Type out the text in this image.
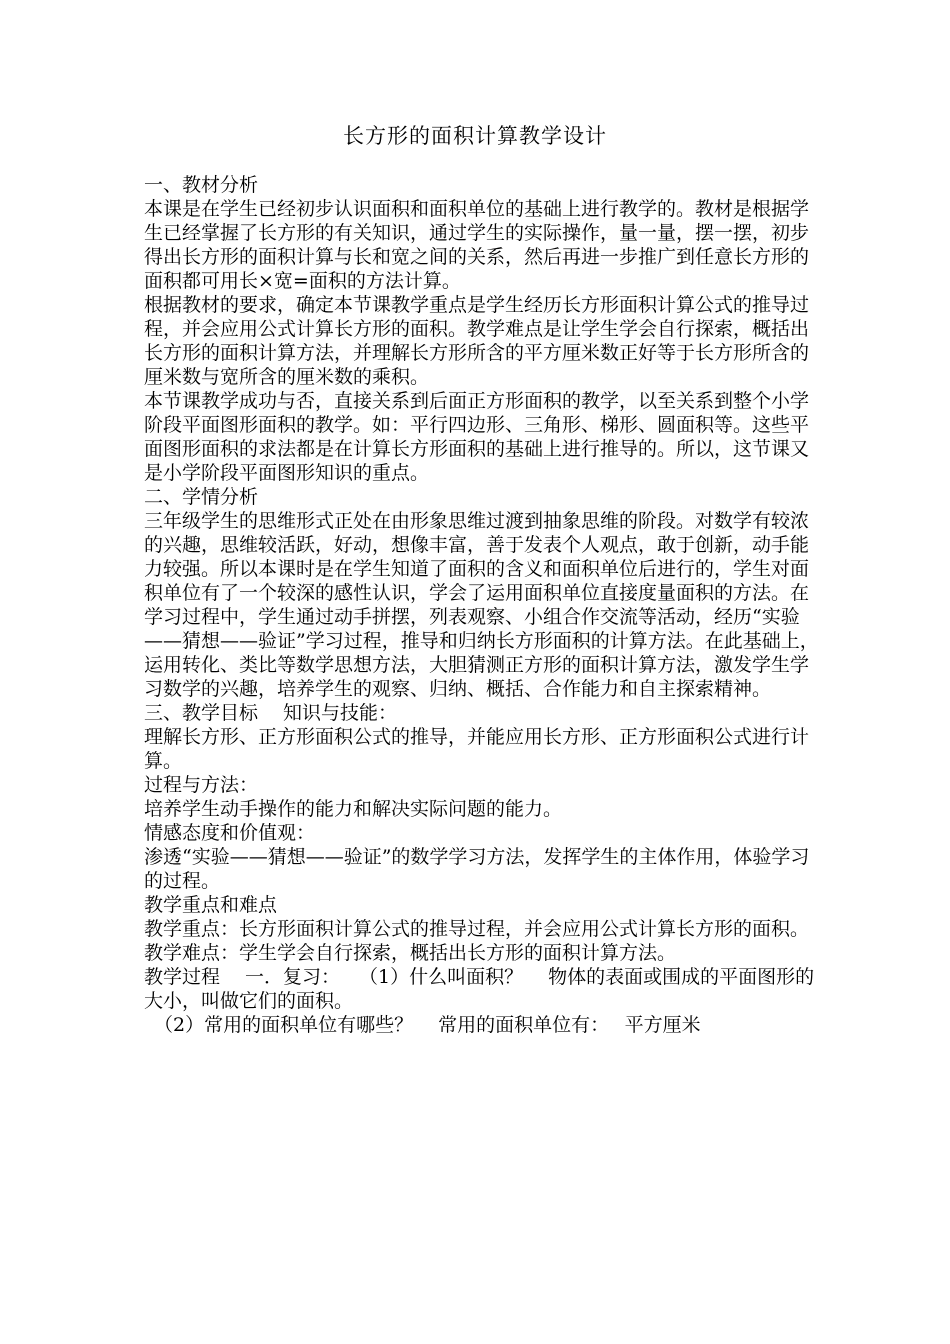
长方形的面积计算教学设计

一、教材分析

本课是在学生已经初步认识面积和面积单位的基础上进行教学的。教材是根据学生已经掌握了长方形的有关知识，通过学生的实际操作，量一量，摆一摆，初步得出长方形的面积计算与长和宽之间的关系，然后再进一步推广到任意长方形的面积都可用长×宽=面积的方法计算。

根据教材的要求，确定本节课教学重点是学生经历长方形面积计算公式的推导过程，并会应用公式计算长方形的面积。教学难点是让学生学会自行探索，概括出长方形的面积计算方法，并理解长方形所含的平方厘米数正好等于长方形所含的厘米数与宽所含的厘米数的乘积。

本节课教学成功与否，直接关系到后面正方形面积的教学，以至关系到整个小学阶段平面图形面积的教学。如：平行四边形、三角形、梯形、圆面积等。这些平面图形面积的求法都是在计算长方形面积的基础上进行推导的。所以，这节课又是小学阶段平面图形知识的重点。

二、学情分析

三年级学生的思维形式正处在由形象思维过渡到抽象思维的阶段。对数学有较浓的兴趣，思维较活跃，好动，想像丰富，善于发表个人观点，敢于创新，动手能力较强。所以本课时是在学生知道了面积的含义和面积单位后进行的，学生对面积单位有了一个较深的感性认识，学会了运用面积单位直接度量面积的方法。在学习过程中，学生通过动手拼摆，列表观察、小组合作交流等活动，经历“实验——猜想——验证”学习过程，推导和归纳长方形面积的计算方法。在此基础上，运用转化、类比等数学思想方法，大胆猜测正方形的面积计算方法，激发学生学习数学的兴趣，培养学生的观察、归纳、概括、合作能力和自主探索精神。

三、教学目标　 知识与技能：

理解长方形、正方形面积公式的推导，并能应用长方形、正方形面积公式进行计算。

过程与方法：

培养学生动手操作的能力和解决实际问题的能力。

情感态度和价值观：

渗透“实验——猜想——验证”的数学学习方法，发挥学生的主体作用，体验学习的过程。

教学重点和难点

教学重点：长方形面积计算公式的推导过程，并会应用公式计算长方形的面积。

教学难点：学生学会自行探索，概括出长方形的面积计算方法。

教学过程　 一．复习：　　（1）什么叫面积？　 物体的表面或围成的平面图形的大小，叫做它们的面积。

（2）常用的面积单位有哪些？　 常用的面积单位有：　 平方厘米
